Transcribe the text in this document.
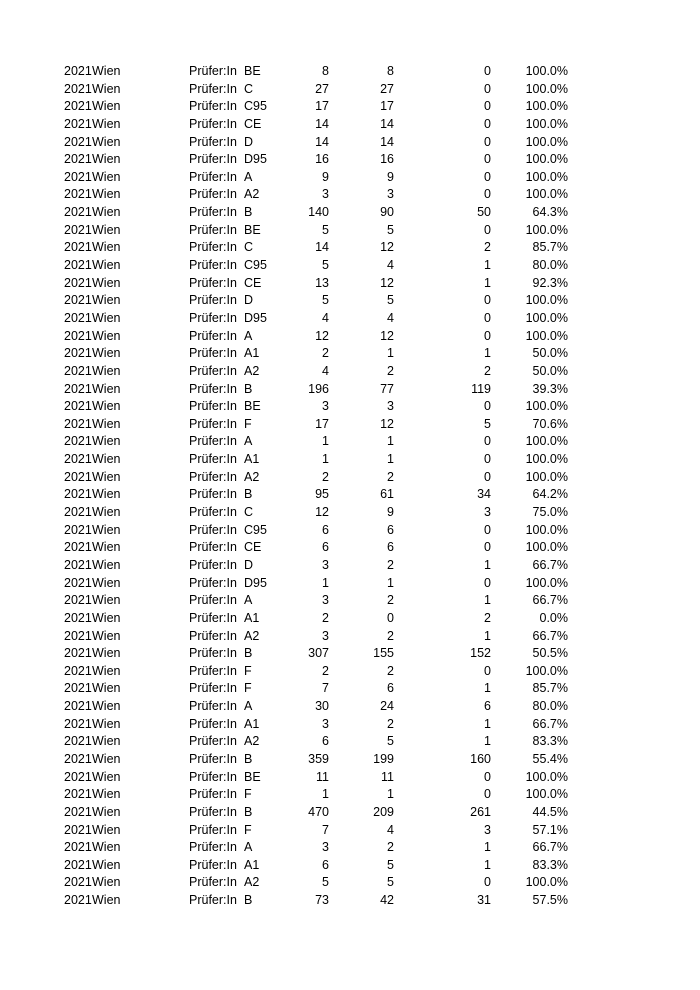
2021 Wien	Prüfer:In BE	8	8	0	100.0%
2021 Wien	Prüfer:In C	27	27	0	100.0%
2021 Wien	Prüfer:In C95	17	17	0	100.0%
2021 Wien	Prüfer:In CE	14	14	0	100.0%
2021 Wien	Prüfer:In D	14	14	0	100.0%
2021 Wien	Prüfer:In D95	16	16	0	100.0%
2021 Wien	Prüfer:In A	9	9	0	100.0%
2021 Wien	Prüfer:In A2	3	3	0	100.0%
2021 Wien	Prüfer:In B	140	90	50	64.3%
2021 Wien	Prüfer:In BE	5	5	0	100.0%
2021 Wien	Prüfer:In C	14	12	2	85.7%
2021 Wien	Prüfer:In C95	5	4	1	80.0%
2021 Wien	Prüfer:In CE	13	12	1	92.3%
2021 Wien	Prüfer:In D	5	5	0	100.0%
2021 Wien	Prüfer:In D95	4	4	0	100.0%
2021 Wien	Prüfer:In A	12	12	0	100.0%
2021 Wien	Prüfer:In A1	2	1	1	50.0%
2021 Wien	Prüfer:In A2	4	2	2	50.0%
2021 Wien	Prüfer:In B	196	77	119	39.3%
2021 Wien	Prüfer:In BE	3	3	0	100.0%
2021 Wien	Prüfer:In F	17	12	5	70.6%
2021 Wien	Prüfer:In A	1	1	0	100.0%
2021 Wien	Prüfer:In A1	1	1	0	100.0%
2021 Wien	Prüfer:In A2	2	2	0	100.0%
2021 Wien	Prüfer:In B	95	61	34	64.2%
2021 Wien	Prüfer:In C	12	9	3	75.0%
2021 Wien	Prüfer:In C95	6	6	0	100.0%
2021 Wien	Prüfer:In CE	6	6	0	100.0%
2021 Wien	Prüfer:In D	3	2	1	66.7%
2021 Wien	Prüfer:In D95	1	1	0	100.0%
2021 Wien	Prüfer:In A	3	2	1	66.7%
2021 Wien	Prüfer:In A1	2	0	2	0.0%
2021 Wien	Prüfer:In A2	3	2	1	66.7%
2021 Wien	Prüfer:In B	307	155	152	50.5%
2021 Wien	Prüfer:In F	2	2	0	100.0%
2021 Wien	Prüfer:In F	7	6	1	85.7%
2021 Wien	Prüfer:In A	30	24	6	80.0%
2021 Wien	Prüfer:In A1	3	2	1	66.7%
2021 Wien	Prüfer:In A2	6	5	1	83.3%
2021 Wien	Prüfer:In B	359	199	160	55.4%
2021 Wien	Prüfer:In BE	11	11	0	100.0%
2021 Wien	Prüfer:In F	1	1	0	100.0%
2021 Wien	Prüfer:In B	470	209	261	44.5%
2021 Wien	Prüfer:In F	7	4	3	57.1%
2021 Wien	Prüfer:In A	3	2	1	66.7%
2021 Wien	Prüfer:In A1	6	5	1	83.3%
2021 Wien	Prüfer:In A2	5	5	0	100.0%
2021 Wien	Prüfer:In B	73	42	31	57.5%
